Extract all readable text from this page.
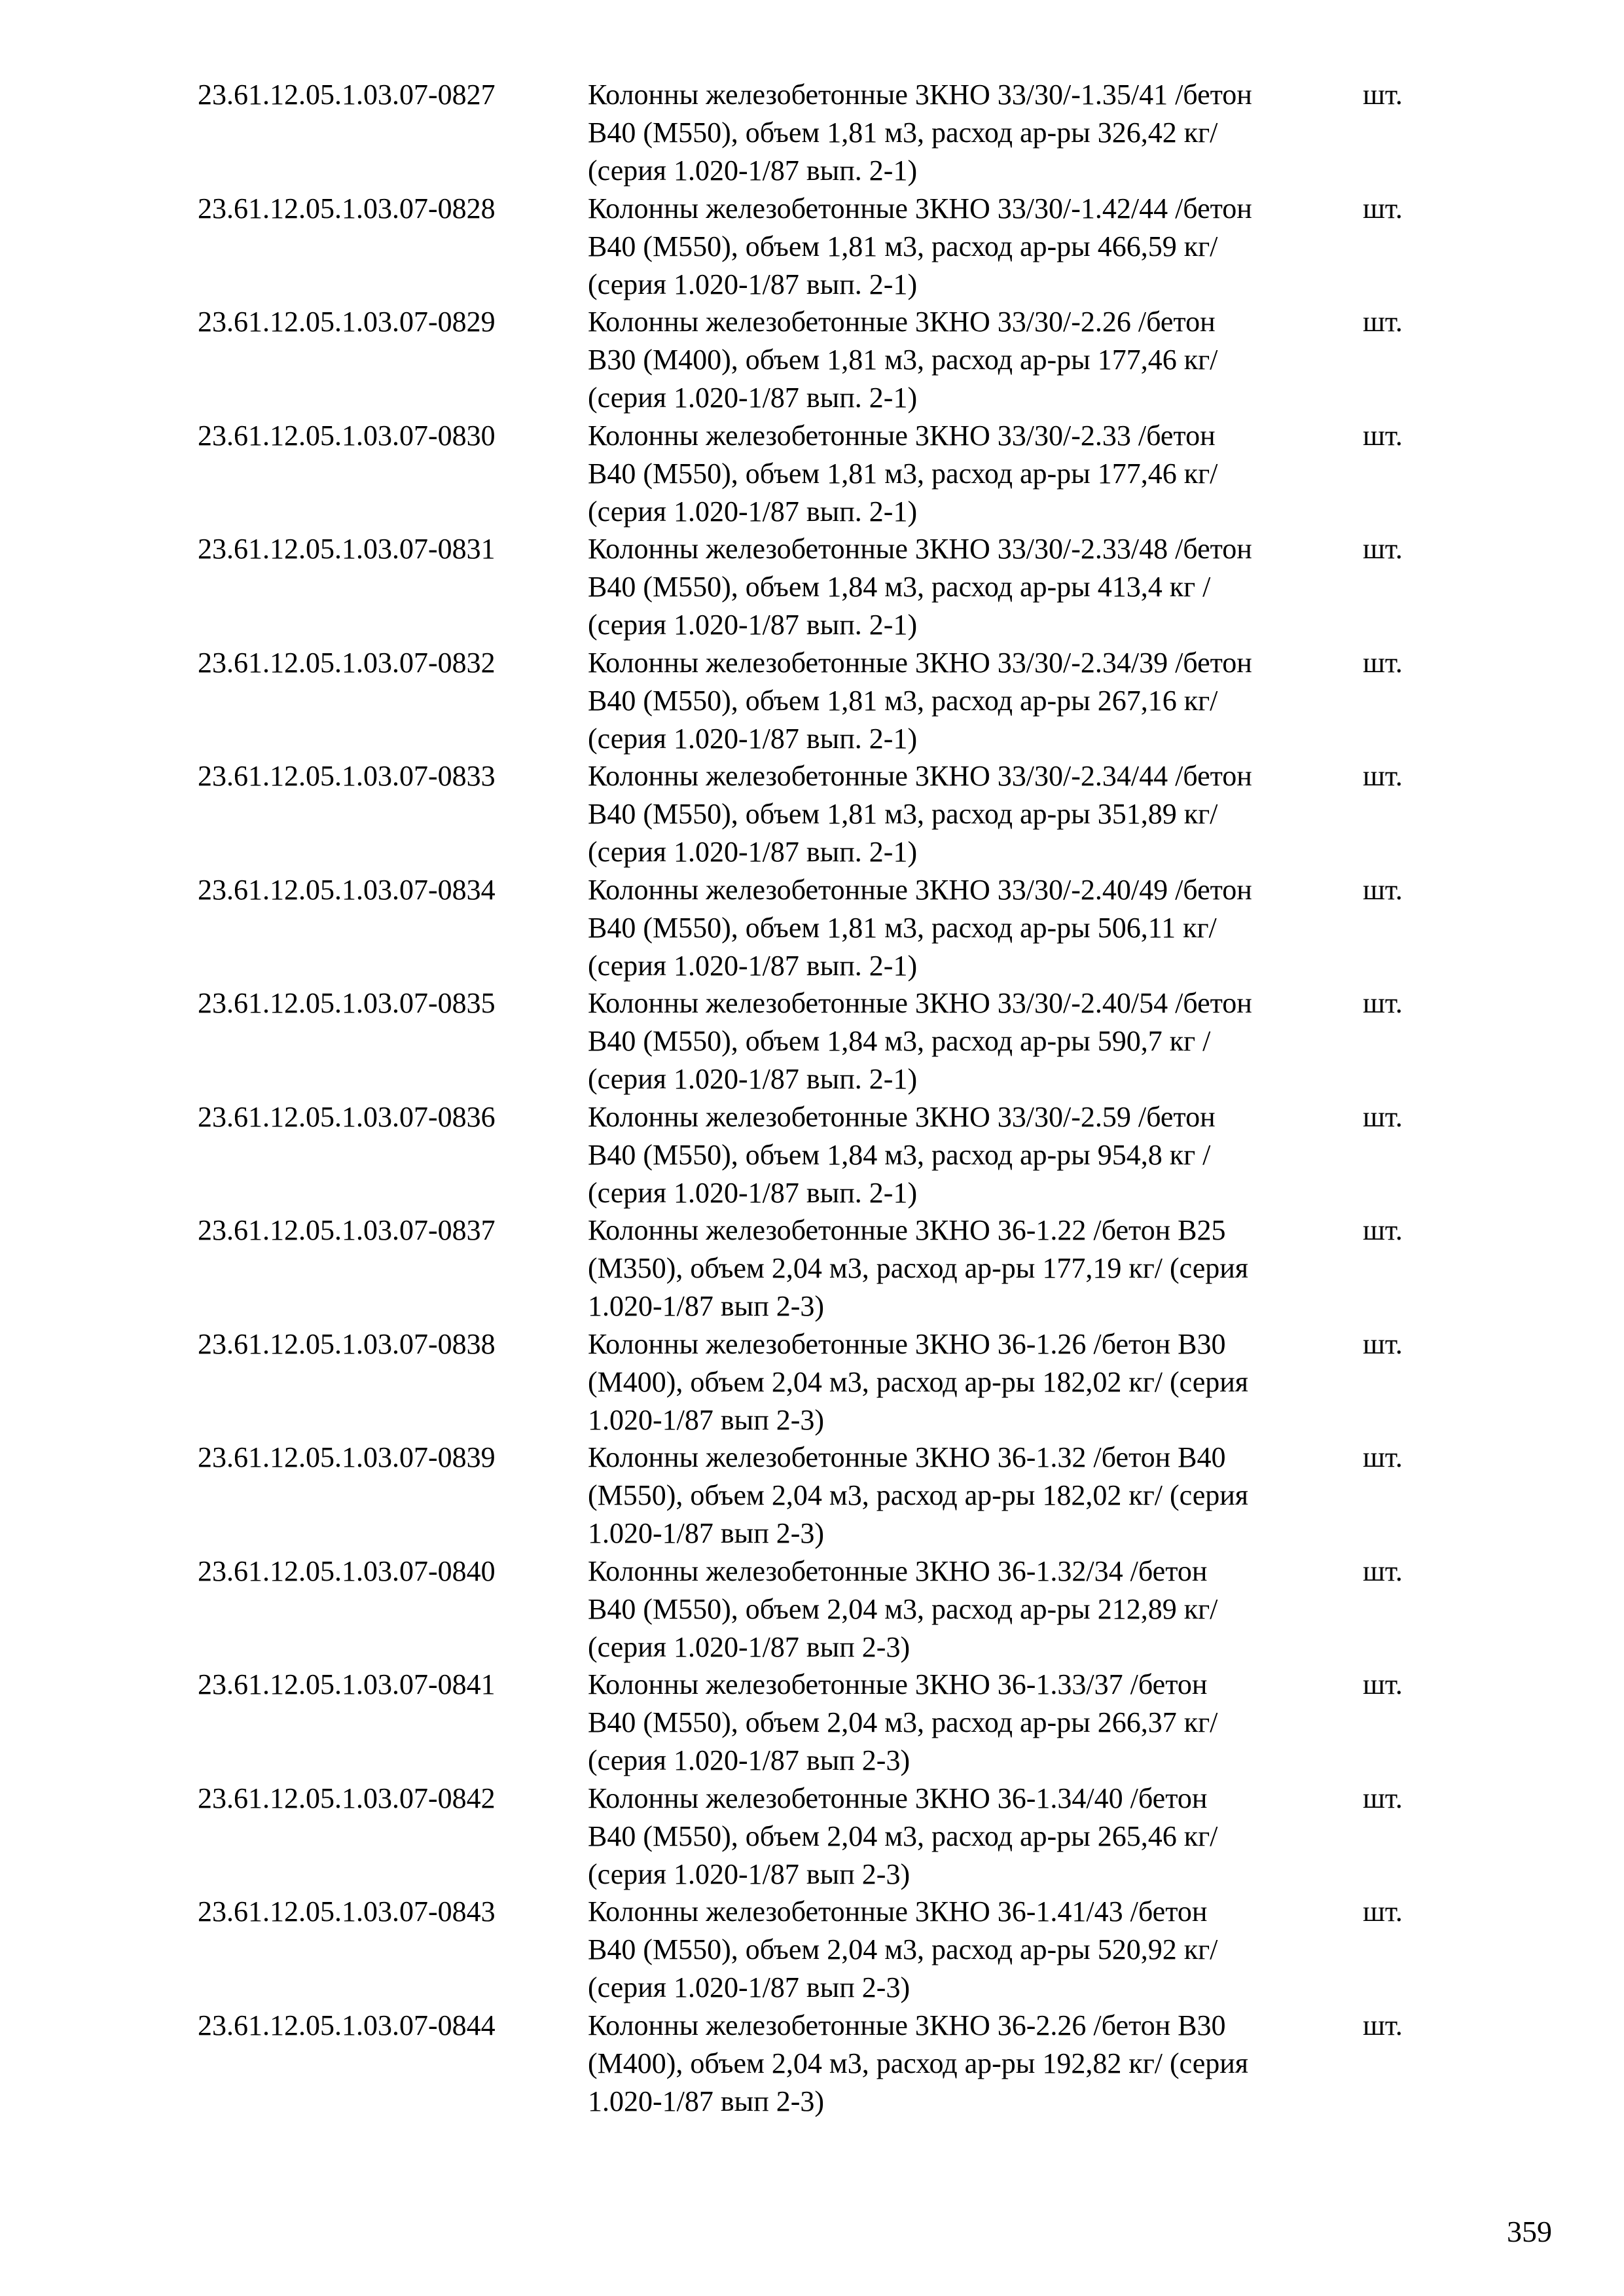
23.61.12.05.1.03.07-0827	Колонны железобетонные 3КНО 33/30/-1.35/41 /бетон
В40 (М550), объем 1,81 м3, расход ар-ры 326,42 кг/
(серия 1.020-1/87 вып. 2-1)
шт.
23.61.12.05.1.03.07-0828	Колонны железобетонные 3КНО 33/30/-1.42/44 /бетон
В40 (М550), объем 1,81 м3, расход ар-ры 466,59 кг/
(серия 1.020-1/87 вып. 2-1)
шт.
23.61.12.05.1.03.07-0829	Колонны железобетонные 3КНО 33/30/-2.26 /бетон
В30 (М400), объем 1,81 м3, расход ар-ры 177,46 кг/
(серия 1.020-1/87 вып. 2-1)
шт.
23.61.12.05.1.03.07-0830	Колонны железобетонные 3КНО 33/30/-2.33 /бетон
В40 (М550), объем 1,81 м3, расход ар-ры 177,46 кг/
(серия 1.020-1/87 вып. 2-1)
шт.
23.61.12.05.1.03.07-0831	Колонны железобетонные 3КНО 33/30/-2.33/48 /бетон
В40 (М550), объем 1,84 м3, расход ар-ры 413,4 кг /
(серия 1.020-1/87 вып. 2-1)
шт.
23.61.12.05.1.03.07-0832	Колонны железобетонные 3КНО 33/30/-2.34/39 /бетон
В40 (М550), объем 1,81 м3, расход ар-ры 267,16 кг/
(серия 1.020-1/87 вып. 2-1)
шт.
23.61.12.05.1.03.07-0833	Колонны железобетонные 3КНО 33/30/-2.34/44 /бетон
В40 (М550), объем 1,81 м3, расход ар-ры 351,89 кг/
(серия 1.020-1/87 вып. 2-1)
шт.
23.61.12.05.1.03.07-0834	Колонны железобетонные 3КНО 33/30/-2.40/49 /бетон
В40 (М550), объем 1,81 м3, расход ар-ры 506,11 кг/
(серия 1.020-1/87 вып. 2-1)
шт.
23.61.12.05.1.03.07-0835	Колонны железобетонные 3КНО 33/30/-2.40/54 /бетон
В40 (М550), объем 1,84 м3, расход ар-ры 590,7 кг /
(серия 1.020-1/87 вып. 2-1)
шт.
23.61.12.05.1.03.07-0836	Колонны железобетонные 3КНО 33/30/-2.59 /бетон
В40 (М550), объем 1,84 м3, расход ар-ры 954,8 кг /
(серия 1.020-1/87 вып. 2-1)
шт.
23.61.12.05.1.03.07-0837	Колонны железобетонные 3КНО 36-1.22 /бетон В25
(М350), объем 2,04 м3, расход ар-ры 177,19 кг/ (серия
1.020-1/87 вып 2-3)
шт.
23.61.12.05.1.03.07-0838	Колонны железобетонные 3КНО 36-1.26 /бетон В30
(М400), объем 2,04 м3, расход ар-ры 182,02 кг/ (серия
1.020-1/87 вып 2-3)
шт.
23.61.12.05.1.03.07-0839	Колонны железобетонные 3КНО 36-1.32 /бетон В40
(М550), объем 2,04 м3, расход ар-ры 182,02 кг/ (серия
1.020-1/87 вып 2-3)
шт.
23.61.12.05.1.03.07-0840	Колонны железобетонные 3КНО 36-1.32/34 /бетон
В40 (М550), объем 2,04 м3, расход ар-ры 212,89 кг/
(серия 1.020-1/87 вып 2-3)
шт.
23.61.12.05.1.03.07-0841	Колонны железобетонные 3КНО 36-1.33/37 /бетон
В40 (М550), объем 2,04 м3, расход ар-ры 266,37 кг/
(серия 1.020-1/87 вып 2-3)
шт.
23.61.12.05.1.03.07-0842	Колонны железобетонные 3КНО 36-1.34/40 /бетон
В40 (М550), объем 2,04 м3, расход ар-ры 265,46 кг/
(серия 1.020-1/87 вып 2-3)
шт.
23.61.12.05.1.03.07-0843	Колонны железобетонные 3КНО 36-1.41/43 /бетон
В40 (М550), объем 2,04 м3, расход ар-ры 520,92 кг/
(серия 1.020-1/87 вып 2-3)
шт.
23.61.12.05.1.03.07-0844	Колонны железобетонные 3КНО 36-2.26 /бетон В30
(М400), объем 2,04 м3, расход ар-ры 192,82 кг/ (серия
1.020-1/87 вып 2-3)
шт.
359
